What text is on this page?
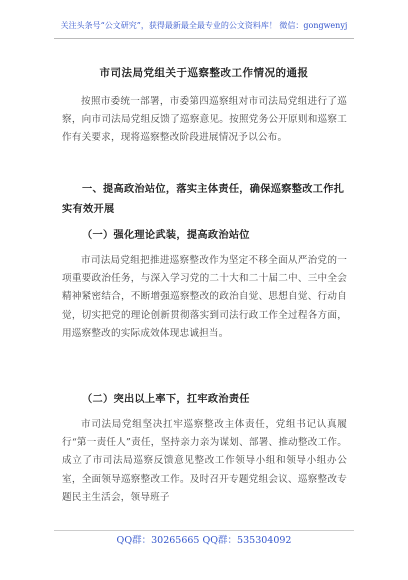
关注头条号“公文研究”，获得最新最全最专业的公文资料库！ 微信：gongwenyj
市司法局党组关于巡察整改工作情况的通报
按照市委统一部署，市委第四巡察组对市司法局党组进行了巡察，向市司法局党组反馈了巡察意见。按照党务公开原则和巡察工作有关要求，现将巡察整改阶段进展情况予以公布。
一、提高政治站位，落实主体责任，确保巡察整改工作扎实有效开展
（一）强化理论武装，提高政治站位
市司法局党组把推进巡察整改作为坚定不移全面从严治党的一项重要政治任务，与深入学习党的二十大和二十届二中、三中全会精神紧密结合，不断增强巡察整改的政治自觉、思想自觉、行动自觉，切实把党的理论创新贯彻落实到司法行政工作全过程各方面，用巡察整改的实际成效体现忠诚担当。
（二）突出以上率下，扛牢政治责任
市司法局党组坚决扛牢巡察整改主体责任，党组书记认真履行“第一责任人”责任，坚持亲力亲为谋划、部署、推动整改工作。成立了市司法局巡察反馈意见整改工作领导小组和领导小组办公室，全面领导巡察整改工作。及时召开专题党组会议、巡察整改专题民主生活会，领导班子
QQ群：30265665 QQ群：535304092
